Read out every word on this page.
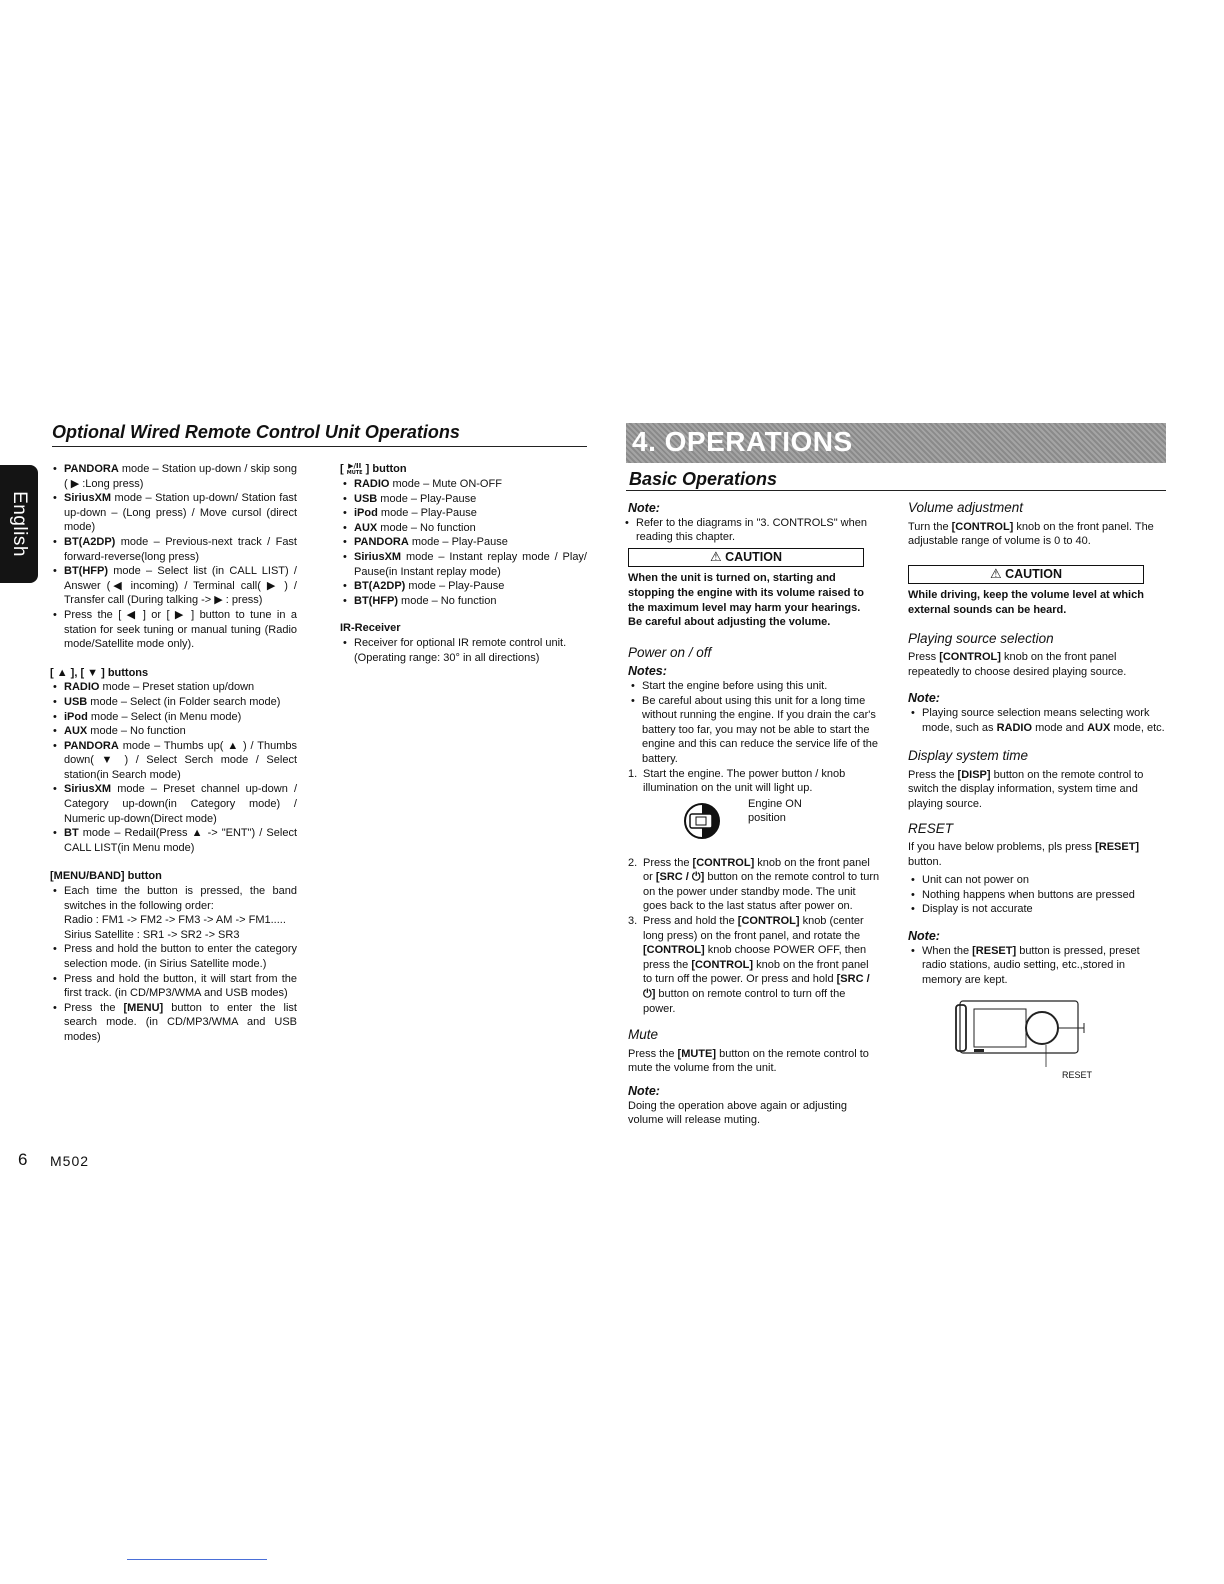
English
Optional Wired Remote Control Unit Operations
• PANDORA mode – Station up-down / skip song ( ▶ :Long press)
• SiriusXM mode – Station up-down/ Station fast up-down – (Long press) / Move cursol (direct mode)
• BT(A2DP) mode – Previous-next track / Fast forward-reverse(long press)
• BT(HFP) mode – Select list (in CALL LIST) / Answer (◀ incoming) / Terminal call( ▶ ) / Transfer call (During talking -> ▶ : press)
• Press the [ ◀ ] or [ ▶ ] button to tune in a station for seek tuning or manual tuning (Radio mode/Satellite mode only).
[ ▲ ], [ ▼ ] buttons
• RADIO mode – Preset station up/down
• USB mode – Select (in Folder search mode)
• iPod mode – Select (in Menu mode)
• AUX mode – No function
• PANDORA mode – Thumbs up( ▲ ) / Thumbs down( ▼ ) / Select Serch mode / Select station(in Search mode)
• SiriusXM mode – Preset channel up-down / Category up-down(in Category mode) / Numeric up-down(Direct mode)
• BT mode – Redail(Press ▲ -> "ENT") / Select CALL LIST(in Menu mode)
[MENU/BAND] button
• Each time the button is pressed, the band switches in the following order:
Radio : FM1 -> FM2 -> FM3 -> AM -> FM1.....
Sirius Satellite : SR1 -> SR2 -> SR3
• Press and hold the button to enter the category selection mode. (in Sirius Satellite mode.)
• Press and hold the button, it will start from the first track. (in CD/MP3/WMA and USB modes)
• Press the [MENU] button to enter the list search mode. (in CD/MP3/WMA and USB modes)
[ ▶/II
MUTE ] button
• RADIO mode – Mute ON-OFF
• USB mode – Play-Pause
• iPod mode – Play-Pause
• AUX mode – No function
• PANDORA mode – Play-Pause
• SiriusXM mode – Instant replay mode / Play/ Pause(in Instant replay mode)
• BT(A2DP) mode – Play-Pause
• BT(HFP) mode – No function
IR-Receiver
• Receiver for optional IR remote control unit. (Operating range: 30° in all directions)
6 M502
4. OPERATIONS
Basic Operations
Note:
• Refer to the diagrams in "3. CONTROLS" when reading this chapter.
⚠ CAUTION
When the unit is turned on, starting and stopping the engine with its volume raised to the maximum level may harm your hearings.
Be careful about adjusting the volume.
Power on / off
Notes:
• Start the engine before using this unit.
• Be careful about using this unit for a long time without running the engine. If you drain the car's battery too far, you may not be able to start the engine and this can reduce the service life of the battery.
1. Start the engine. The power button / knob illumination on the unit will light up.
Engine ON position
2. Press the [CONTROL] knob on the front panel or [SRC / ⏻] button on the remote control to turn on the power under standby mode. The unit goes back to the last status after power on.
3. Press and hold the [CONTROL] knob (center long press) on the front panel, and rotate the [CONTROL] knob choose POWER OFF, then press the [CONTROL] knob on the front panel to turn off the power. Or press and hold [SRC / ⏻] button on remote control to turn off the power.
Mute
Press the [MUTE] button on the remote control to mute the volume from the unit.
Note:
Doing the operation above again or adjusting volume will release muting.
Volume adjustment
Turn the [CONTROL] knob on the front panel. The adjustable range of volume is 0 to 40.
⚠ CAUTION
While driving, keep the volume level at which external sounds can be heard.
Playing source selection
Press [CONTROL] knob on the front panel repeatedly to choose desired playing source.
Note:
• Playing source selection means selecting work mode, such as RADIO mode and AUX mode, etc.
Display system time
Press the [DISP] button on the remote control to switch the display information, system time and playing source.
RESET
If you have below problems, pls press [RESET] button.
• Unit can not power on
• Nothing happens when buttons are pressed
• Display is not accurate
Note:
• When the [RESET] button is pressed, preset radio stations, audio setting, etc.,stored in memory are kept.
RESET
